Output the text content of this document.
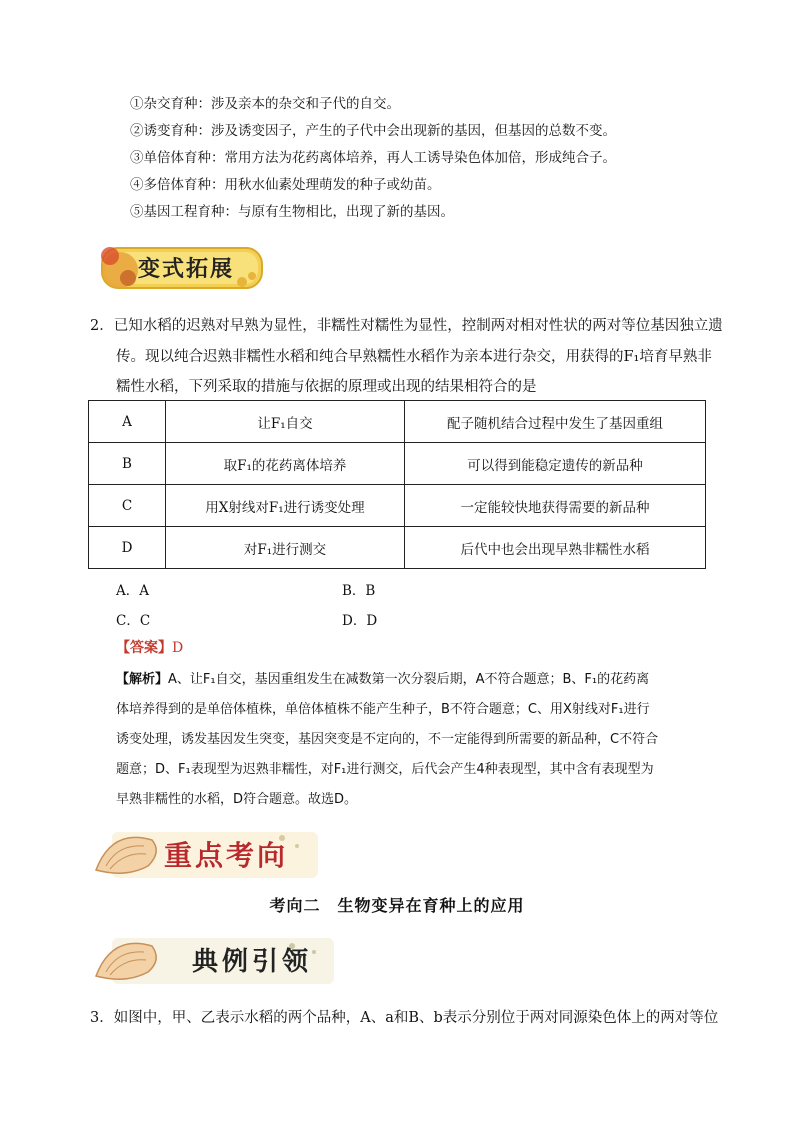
①杂交育种：涉及亲本的杂交和子代的自交。
②诱变育种：涉及诱变因子，产生的子代中会出现新的基因，但基因的总数不变。
③单倍体育种：常用方法为花药离体培养，再人工诱导染色体加倍，形成纯合子。
④多倍体育种：用秋水仙素处理萌发的种子或幼苗。
⑤基因工程育种：与原有生物相比，出现了新的基因。
变式拓展
2．已知水稻的迟熟对早熟为显性，非糯性对糯性为显性，控制两对相对性状的两对等位基因独立遗
传。现以纯合迟熟非糯性水稻和纯合早熟糯性水稻作为亲本进行杂交，用获得的F₁培育早熟非
糯性水稻，下列采取的措施与依据的原理或出现的结果相符合的是
A	让F₁自交	配子随机结合过程中发生了基因重组
B	取F₁的花药离体培养	可以得到能稳定遗传的新品种
C	用X射线对F₁进行诱变处理	一定能较快地获得需要的新品种
D	对F₁进行测交	后代中也会出现早熟非糯性水稻
A．A	B．B
C．C	D．D
【答案】D
【解析】A、让F₁自交，基因重组发生在减数第一次分裂后期，A不符合题意；B、F₁的花药离
体培养得到的是单倍体植株，单倍体植株不能产生种子，B不符合题意；C、用X射线对F₁进行
诱变处理，诱发基因发生突变，基因突变是不定向的，不一定能得到所需要的新品种，C不符合
题意；D、F₁表现型为迟熟非糯性，对F₁进行测交，后代会产生4种表现型，其中含有表现型为
早熟非糯性的水稻，D符合题意。故选D。
重点考向
考向二　生物变异在育种上的应用
典例引领
3．如图中，甲、乙表示水稻的两个品种，A、a和B、b表示分别位于两对同源染色体上的两对等位
